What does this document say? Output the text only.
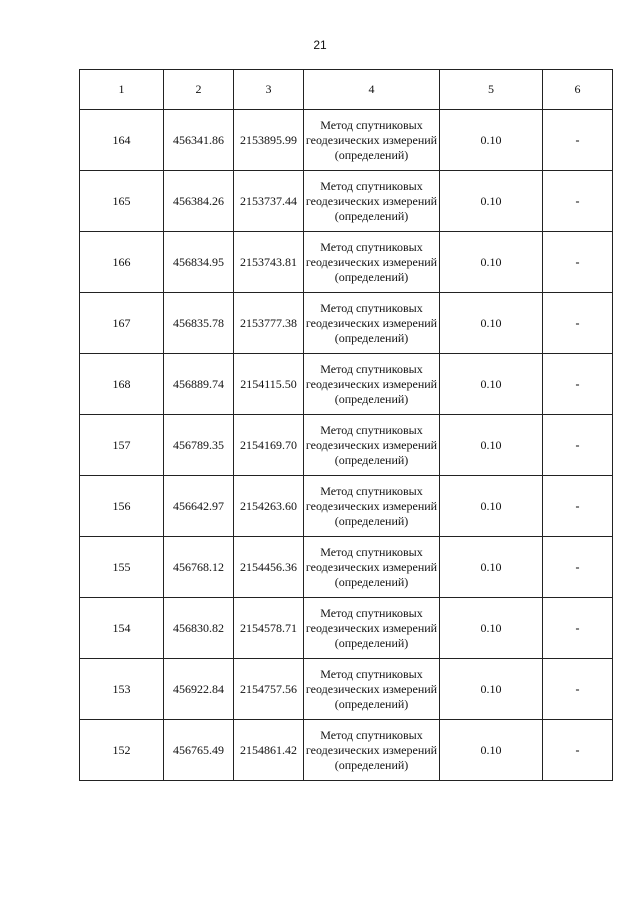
21
1	2	3	4	5	6
164	456341.86	2153895.99	Метод спутниковых геодезических измерений (определений)	0.10	-
165	456384.26	2153737.44	Метод спутниковых геодезических измерений (определений)	0.10	-
166	456834.95	2153743.81	Метод спутниковых геодезических измерений (определений)	0.10	-
167	456835.78	2153777.38	Метод спутниковых геодезических измерений (определений)	0.10	-
168	456889.74	2154115.50	Метод спутниковых геодезических измерений (определений)	0.10	-
157	456789.35	2154169.70	Метод спутниковых геодезических измерений (определений)	0.10	-
156	456642.97	2154263.60	Метод спутниковых геодезических измерений (определений)	0.10	-
155	456768.12	2154456.36	Метод спутниковых геодезических измерений (определений)	0.10	-
154	456830.82	2154578.71	Метод спутниковых геодезических измерений (определений)	0.10	-
153	456922.84	2154757.56	Метод спутниковых геодезических измерений (определений)	0.10	-
152	456765.49	2154861.42	Метод спутниковых геодезических измерений (определений)	0.10	-
